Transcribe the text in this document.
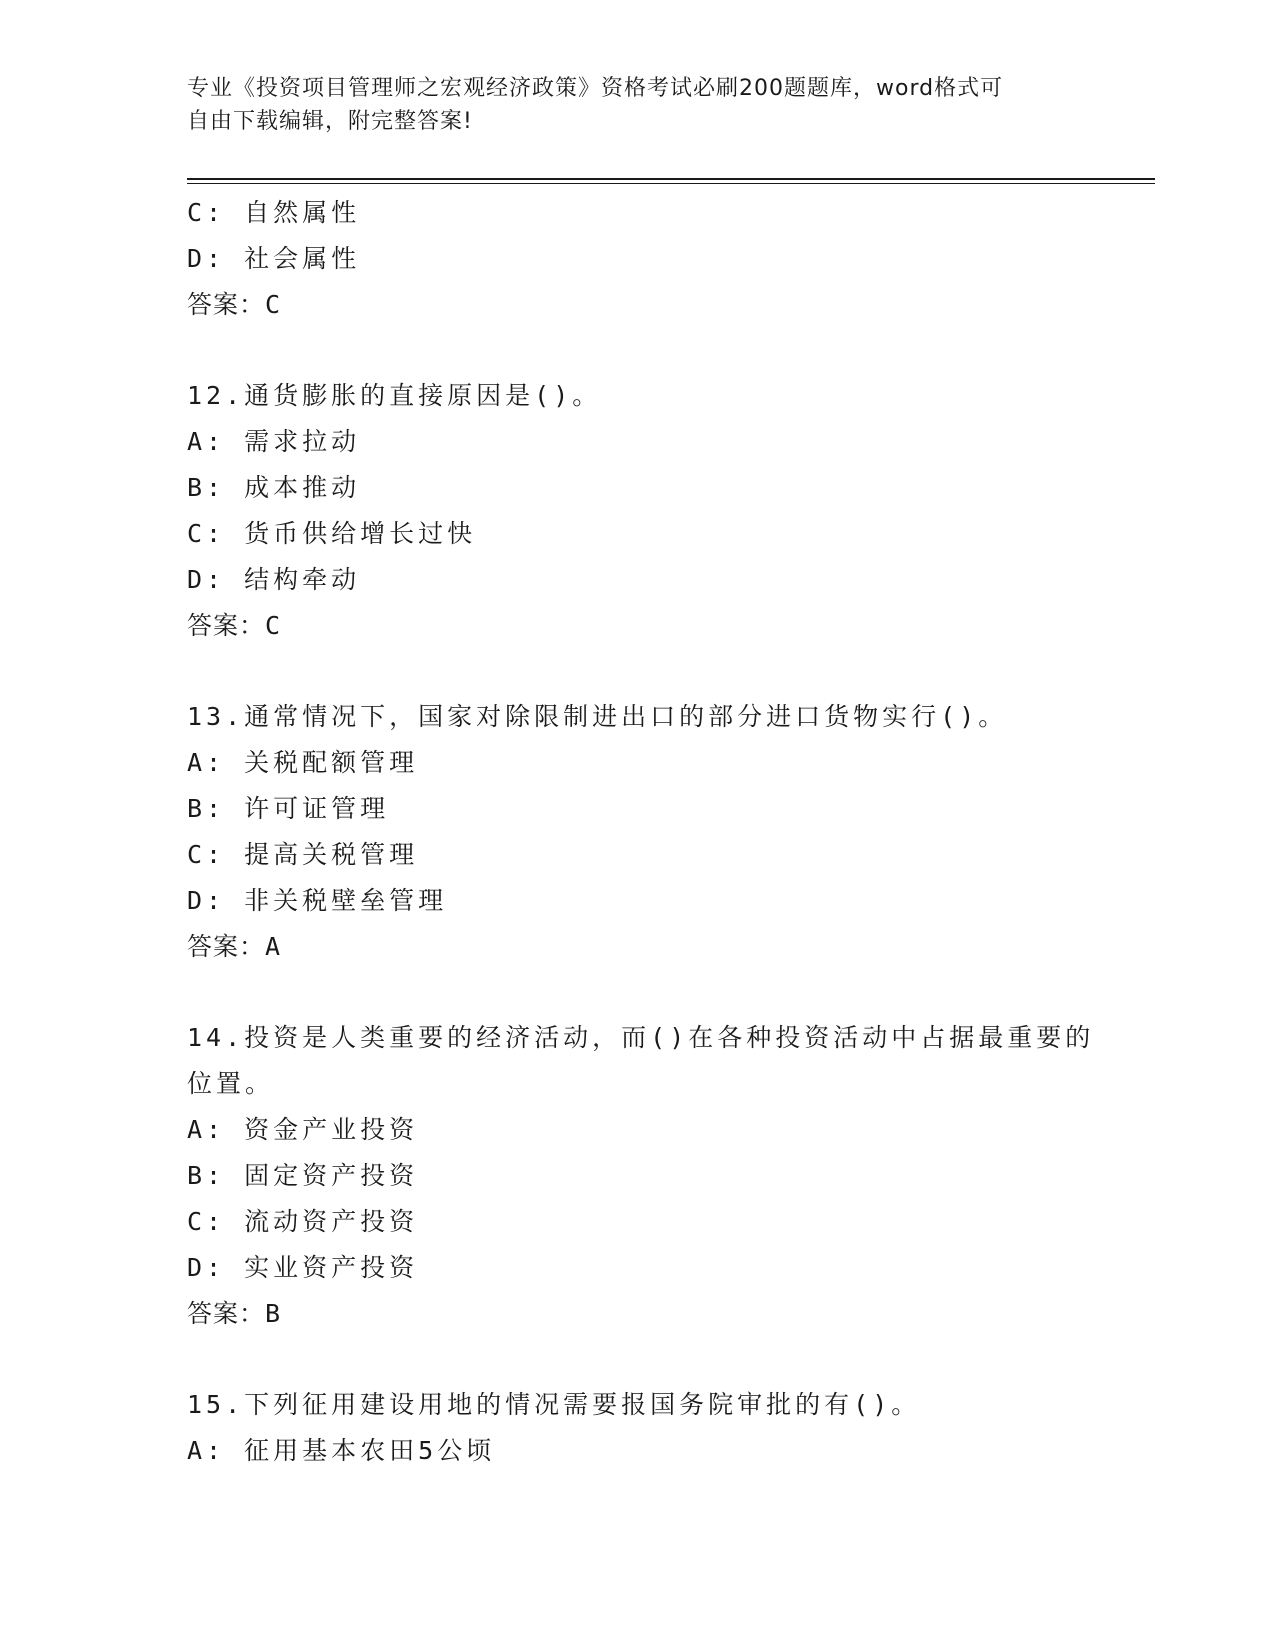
专业《投资项目管理师之宏观经济政策》资格考试必刷200题题库，word格式可
自由下载编辑，附完整答案!
C: 自然属性
D: 社会属性
答案：C
12.通货膨胀的直接原因是()。
A: 需求拉动
B: 成本推动
C: 货币供给增长过快
D: 结构牵动
答案：C
13.通常情况下，国家对除限制进出口的部分进口货物实行()。
A: 关税配额管理
B: 许可证管理
C: 提高关税管理
D: 非关税壁垒管理
答案：A
14.投资是人类重要的经济活动，而()在各种投资活动中占据最重要的
位置。
A: 资金产业投资
B: 固定资产投资
C: 流动资产投资
D: 实业资产投资
答案：B
15.下列征用建设用地的情况需要报国务院审批的有()。
A: 征用基本农田5公顷
